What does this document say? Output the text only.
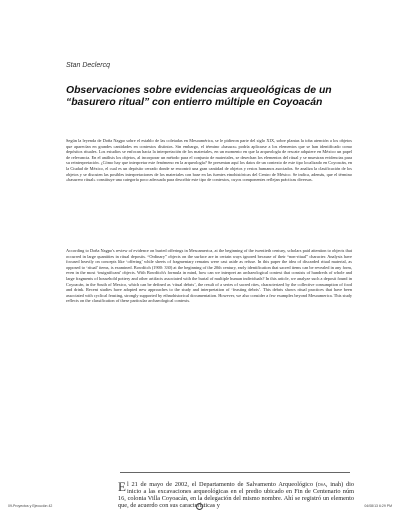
Stan Declercq
Observaciones sobre evidencias arqueológicas de un “basurero ritual” con entierro múltiple en Coyoacán

Según la leyenda de Doña Nagpo sobre el establo de las coletadas en Mesoamérica, se le pidieron parte del siglo XIX, sobre plantas la toba atención a los objetos que aparecían en grandes cantidades en contextos distintos. Sin embargo, el término «basura» podría aplicarse a los elementos que se han identificado como depósitos rituales. Los estudios se enfocan hacia la interpretación de los materiales, en un momento en que la arqueología de rescate adquiere en México un papel de relevancia. En el análisis los objetos, al incorporar un método para el conjunto de materiales, se desechan los elementos del ritual y se muestran evidencias para su reinterpretación. ¿Cómo hay que interpretar este fenómeno en la arqueología? Se presentan aquí los datos de un contexto de este tipo localizado en Coyoacán, en la Ciudad de México, el cual es un depósito cerrado donde se encontró una gran cantidad de objetos y restos humanos asociados. Se analiza la clasificación de los objetos y se discuten las posibles interpretaciones de los materiales con base en las fuentes etnohistóricas del Centro de México. Se indica, además, que el término «basurero ritual» constituye una categoría poco adecuada para describir este tipo de contextos, cuyos componentes reflejan prácticas diversas.

According to Doña Nagpo's review of evidence on buried offerings in Mesoamerica, at the beginning of the twentieth century, scholars paid attention to objects that occurred in large quantities in ritual deposits. “Ordinary” objects on the surface are in certain ways ignored because of their “non-ritual” character. Analysts have focused heavily on concepts like ‘offering’ while sheets of fragmentary remains were cast aside as refuse. In this paper the idea of discarded ritual material, as opposed to ‘ritual’ items, is examined. Bowditch (1900: 330) at the beginning of the 20th century, early identification that sacred items can be revealed in any form, even in the most ‘insignificant’ objects. With Bowditch's formula in mind, how can we interpret an archaeological context that consists of hundreds of whole and large fragments of household pottery and other artifacts associated with the burial of multiple human individuals? In this article, we analyze such a deposit found in Coyoacán, in the South of Mexico, which can be defined as ‘ritual debris’, the result of a series of sacred rites, characterized by the collective consumption of food and drink. Recent studies have adopted new approaches to the study and interpretation of ‘feasting debris’. This debris shows ritual practices that have been associated with cyclical feasting, strongly supported by ethnohistorical documentation. However, we also consider a few examples beyond Mesoamerica. This study reflects on the classification of these particular archaeological contexts.

El 21 de mayo de 2002, el Departamento de Salvamento Arqueológico (dsa, inah) dio inicio a las excavaciones arqueológicas en el predio ubicado en Fin de Centenario núm 16, colonia Villa Coyoacán, en la delegación del mismo nombre. Ahí se registró un elemento que, de acuerdo con sus características y

09-Proyectos y Ejecución 42	04/08/13 6:29 PM
